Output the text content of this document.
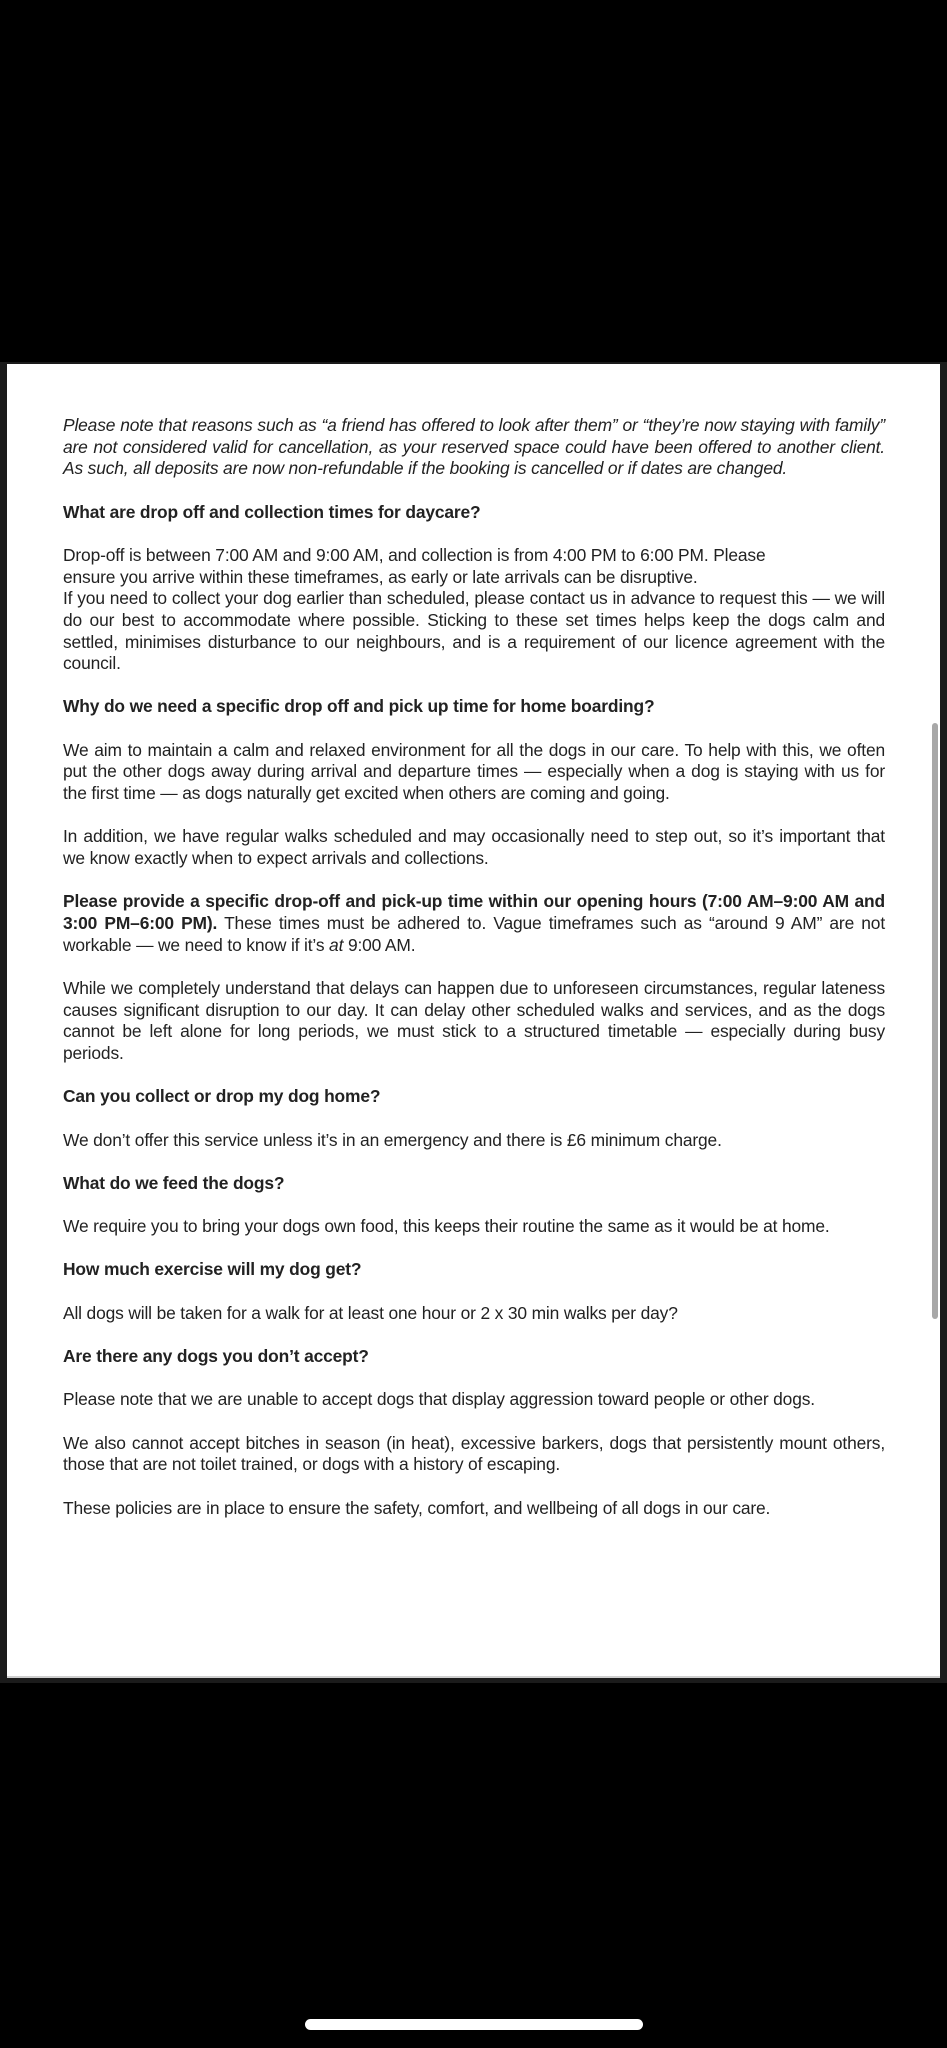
Please note that reasons such as “a friend has offered to look after them” or “they’re now staying with family” are not considered valid for cancellation, as your reserved space could have been offered to another client. As such, all deposits are now non-refundable if the booking is cancelled or if dates are changed.

What are drop off and collection times for daycare?

Drop-off is between 7:00 AM and 9:00 AM, and collection is from 4:00 PM to 6:00 PM. Please

ensure you arrive within these timeframes, as early or late arrivals can be disruptive.

If you need to collect your dog earlier than scheduled, please contact us in advance to request this — we will do our best to accommodate where possible. Sticking to these set times helps keep the dogs calm and settled, minimises disturbance to our neighbours, and is a requirement of our licence agreement with the council.

Why do we need a specific drop off and pick up time for home boarding?

We aim to maintain a calm and relaxed environment for all the dogs in our care. To help with this, we often put the other dogs away during arrival and departure times — especially when a dog is staying with us for the first time — as dogs naturally get excited when others are coming and going.

In addition, we have regular walks scheduled and may occasionally need to step out, so it’s important that we know exactly when to expect arrivals and collections.

Please provide a specific drop-off and pick-up time within our opening hours (7:00 AM–9:00 AM and 3:00 PM–6:00 PM). These times must be adhered to. Vague timeframes such as “around 9 AM” are not workable — we need to know if it’s at 9:00 AM.

While we completely understand that delays can happen due to unforeseen circumstances, regular lateness causes significant disruption to our day. It can delay other scheduled walks and services, and as the dogs cannot be left alone for long periods, we must stick to a structured timetable — especially during busy periods.

Can you collect or drop my dog home?

We don’t offer this service unless it’s in an emergency and there is £6 minimum charge.

What do we feed the dogs?

We require you to bring your dogs own food, this keeps their routine the same as it would be at home.

How much exercise will my dog get?

All dogs will be taken for a walk for at least one hour or 2 x 30 min walks per day?

Are there any dogs you don’t accept?

Please note that we are unable to accept dogs that display aggression toward people or other dogs.

We also cannot accept bitches in season (in heat), excessive barkers, dogs that persistently mount others, those that are not toilet trained, or dogs with a history of escaping.

These policies are in place to ensure the safety, comfort, and wellbeing of all dogs in our care.
